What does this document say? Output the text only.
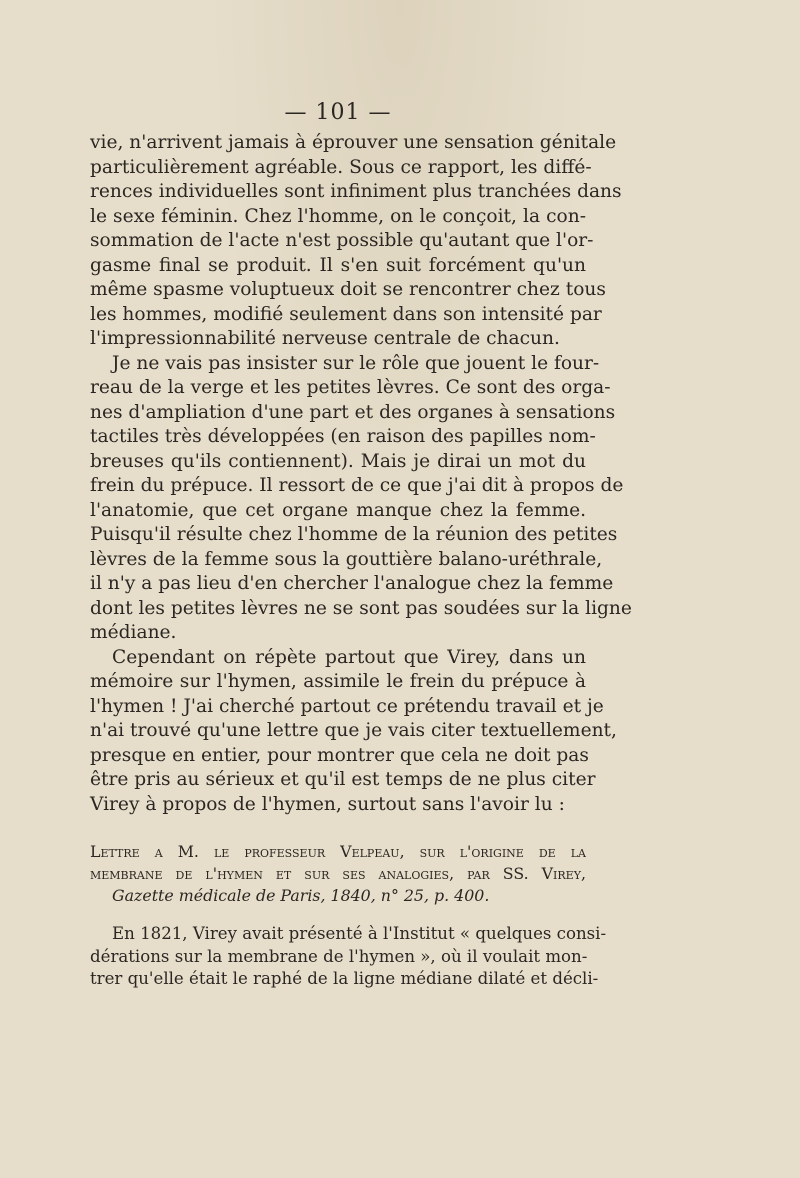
— 101 —
vie, n'arrivent jamais à éprouver une sensation génitale
particulièrement agréable. Sous ce rapport, les diffé-
rences individuelles sont infiniment plus tranchées dans
le sexe féminin. Chez l'homme, on le conçoit, la con-
sommation de l'acte n'est possible qu'autant que l'or-
gasme final se produit. Il s'en suit forcément qu'un
même spasme voluptueux doit se rencontrer chez tous
les hommes, modifié seulement dans son intensité par
l'impressionnabilité nerveuse centrale de chacun.
Je ne vais pas insister sur le rôle que jouent le four-
reau de la verge et les petites lèvres. Ce sont des orga-
nes d'ampliation d'une part et des organes à sensations
tactiles très développées (en raison des papilles nom-
breuses qu'ils contiennent). Mais je dirai un mot du
frein du prépuce. Il ressort de ce que j'ai dit à propos de
l'anatomie, que cet organe manque chez la femme.
Puisqu'il résulte chez l'homme de la réunion des petites
lèvres de la femme sous la gouttière balano-uréthrale,
il n'y a pas lieu d'en chercher l'analogue chez la femme
dont les petites lèvres ne se sont pas soudées sur la ligne
médiane.
Cependant on répète partout que Virey, dans un
mémoire sur l'hymen, assimile le frein du prépuce à
l'hymen ! J'ai cherché partout ce prétendu travail et je
n'ai trouvé qu'une lettre que je vais citer textuellement,
presque en entier, pour montrer que cela ne doit pas
être pris au sérieux et qu'il est temps de ne plus citer
Virey à propos de l'hymen, surtout sans l'avoir lu :
Lettre a M. le professeur Velpeau, sur l'origine de la
membrane de l'hymen et sur ses analogies, par SS. Virey,
Gazette médicale de Paris, 1840, n° 25, p. 400.
En 1821, Virey avait présenté à l'Institut « quelques consi-
dérations sur la membrane de l'hymen », où il voulait mon-
trer qu'elle était le raphé de la ligne médiane dilaté et décli-
